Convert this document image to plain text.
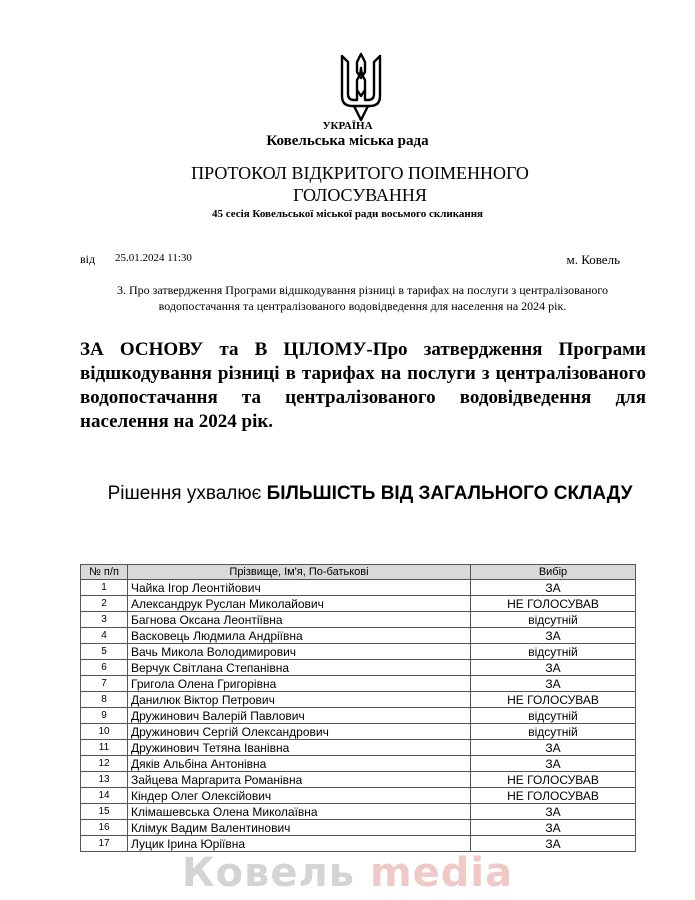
УКРАЇНА
Ковельська міська рада
ПРОТОКОЛ ВІДКРИТОГО ПОІМЕННОГО
ГОЛОСУВАННЯ
45 сесія Ковельської міської ради восьмого скликання
від 25.01.2024 11:30	м. Ковель
3. Про затвердження Програми відшкодування різниці в тарифах на послуги з централізованого водопостачання та централізованого водовідведення для населення на 2024 рік.
ЗА ОСНОВУ та В ЦІЛОМУ-Про затвердження Програми відшкодування різниці в тарифах на послуги з централізованого водопостачання та централізованого водовідведення для населення на 2024 рік.
Рішення ухвалює БІЛЬШІСТЬ ВІД ЗАГАЛЬНОГО СКЛАДУ
№ п/п	Прізвище, Ім'я, По-батькові	Вибір
1	Чайка Ігор Леонтійович	ЗА
2	Александрук Руслан Миколайович	НЕ ГОЛОСУВАВ
3	Багнова Оксана Леонтіївна	відсутній
4	Васковець Людмила Андріївна	ЗА
5	Вачь Микола Володимирович	відсутній
6	Верчук Світлана Степанівна	ЗА
7	Григола Олена Григорівна	ЗА
8	Данилюк Віктор Петрович	НЕ ГОЛОСУВАВ
9	Дружинович Валерій Павлович	відсутній
10	Дружинович Сергій Олександрович	відсутній
11	Дружинович Тетяна Іванівна	ЗА
12	Дяків Альбіна Антонівна	ЗА
13	Зайцева Маргарита Романівна	НЕ ГОЛОСУВАВ
14	Кіндер Олег Олексійович	НЕ ГОЛОСУВАВ
15	Клімашевська Олена Миколаївна	ЗА
16	Клімук Вадим Валентинович	ЗА
17	Луцик Ірина Юріївна	ЗА
Ковель media
